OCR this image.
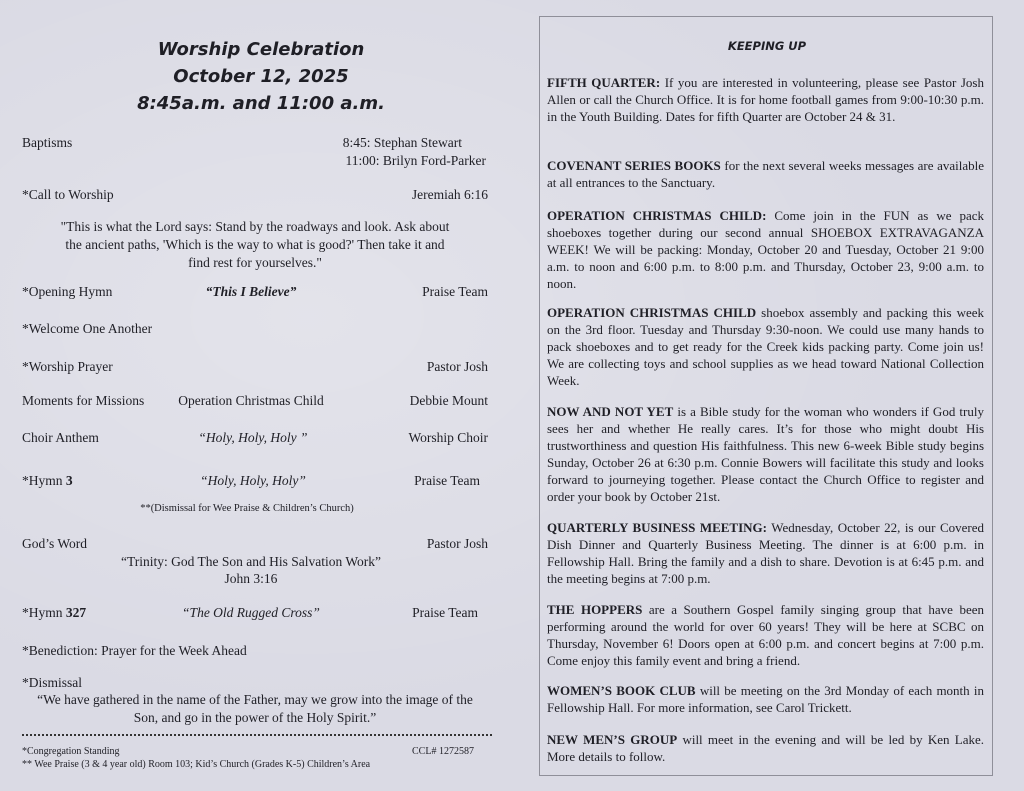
Worship Celebration
October 12, 2025
8:45a.m. and 11:00 a.m.
Baptisms	8:45: Stephan Stewart
11:00: Brilyn Ford-Parker
*Call to Worship	Jeremiah 6:16
"This is what the Lord says: Stand by the roadways and look. Ask about
the ancient paths, 'Which is the way to what is good?' Then take it and
find rest for yourselves."
*Opening Hymn	“This I Believe”	Praise Team
*Welcome One Another
*Worship Prayer	Pastor Josh
Moments for Missions	Operation Christmas Child	Debbie Mount
Choir Anthem	“Holy, Holy, Holy ”	Worship Choir
*Hymn 3	“Holy, Holy, Holy”	Praise Team
**(Dismissal for Wee Praise & Children’s Church)
God’s Word	Pastor Josh
“Trinity: God The Son and His Salvation Work”
John 3:16
*Hymn 327	“The Old Rugged Cross”	Praise Team
*Benediction: Prayer for the Week Ahead
*Dismissal
“We have gathered in the name of the Father, may we grow into the image of the
Son, and go in the power of the Holy Spirit.”
*Congregation Standing	CCL# 1272587
** Wee Praise (3 & 4 year old) Room 103; Kid’s Church (Grades K-5) Children’s Area
KEEPING UP

FIFTH QUARTER: If you are interested in volunteering, please see Pastor Josh Allen or call the Church Office. It is for home football games from 9:00-10:30 p.m. in the Youth Building. Dates for fifth Quarter are October 24 & 31.

COVENANT SERIES BOOKS for the next several weeks messages are available at all entrances to the Sanctuary.

OPERATION CHRISTMAS CHILD: Come join in the FUN as we pack shoeboxes together during our second annual SHOEBOX EXTRAVAGANZA WEEK! We will be packing: Monday, October 20 and Tuesday, October 21 9:00 a.m. to noon and 6:00 p.m. to 8:00 p.m. and Thursday, October 23, 9:00 a.m. to noon.

OPERATION CHRISTMAS CHILD shoebox assembly and packing this week on the 3rd floor. Tuesday and Thursday 9:30-noon. We could use many hands to pack shoeboxes and to get ready for the Creek kids packing party. Come join us! We are collecting toys and school supplies as we head toward National Collection Week.

NOW AND NOT YET is a Bible study for the woman who wonders if God truly sees her and whether He really cares. It’s for those who might doubt His trustworthiness and question His faithfulness. This new 6-week Bible study begins Sunday, October 26 at 6:30 p.m. Connie Bowers will facilitate this study and looks forward to journeying together. Please contact the Church Office to register and order your book by October 21st.

QUARTERLY BUSINESS MEETING: Wednesday, October 22, is our Covered Dish Dinner and Quarterly Business Meeting. The dinner is at 6:00 p.m. in Fellowship Hall. Bring the family and a dish to share. Devotion is at 6:45 p.m. and the meeting begins at 7:00 p.m.

THE HOPPERS are a Southern Gospel family singing group that have been performing around the world for over 60 years! They will be here at SCBC on Thursday, November 6! Doors open at 6:00 p.m. and concert begins at 7:00 p.m. Come enjoy this family event and bring a friend.

WOMEN’S BOOK CLUB will be meeting on the 3rd Monday of each month in Fellowship Hall. For more information, see Carol Trickett.

NEW MEN’S GROUP will meet in the evening and will be led by Ken Lake. More details to follow.
